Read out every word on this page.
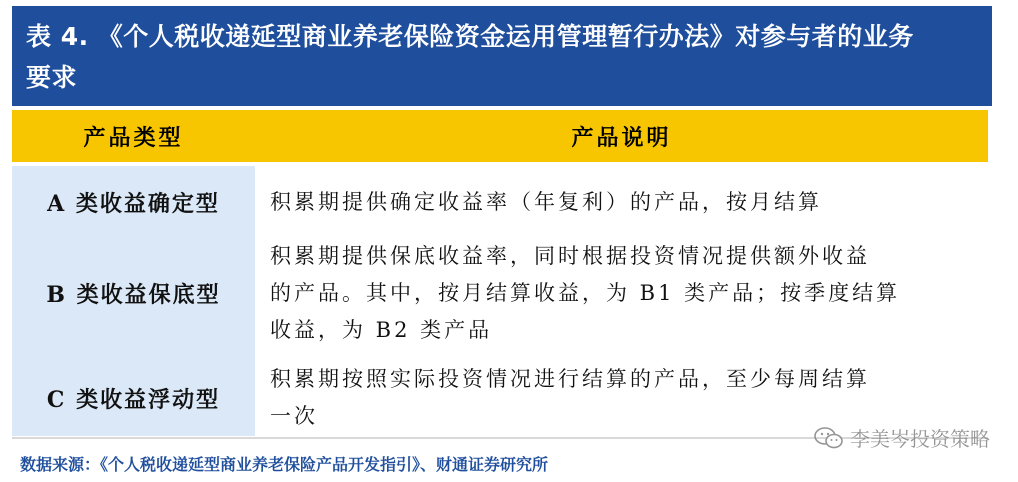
表 4. 《个人税收递延型商业养老保险资金运用管理暂行办法》对参与者的业务
要求
产品类型	产品说明
A 类收益确定型	积累期提供确定收益率（年复利）的产品，按月结算
B 类收益保底型
积累期提供保底收益率，同时根据投资情况提供额外收益
的产品。其中，按月结算收益，为 B1 类产品；按季度结算
收益，为 B2 类产品
C 类收益浮动型
积累期按照实际投资情况进行结算的产品，至少每周结算
一次
数据来源：《个人税收递延型商业养老保险产品开发指引》、财通证券研究所
李美岑投资策略
